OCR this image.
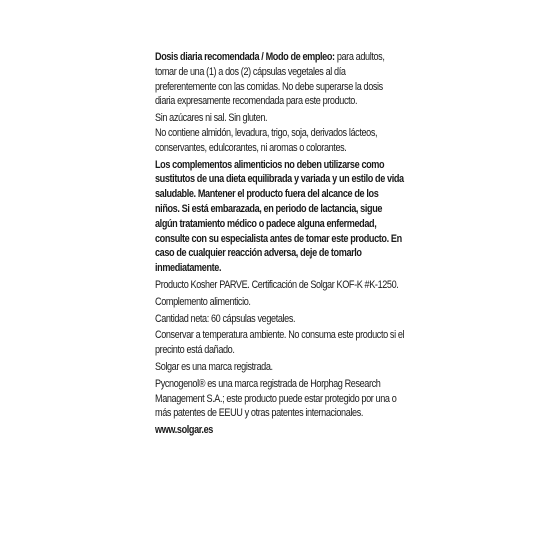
Dosis diaria recomendada / Modo de empleo: para adultos, tomar de una (1) a dos (2) cápsulas vegetales al día preferentemente con las comidas. No debe superarse la dosis diaria expresamente recomendada para este producto.

Sin azúcares ni sal. Sin gluten.

No contiene almidón, levadura, trigo, soja, derivados lácteos, conservantes, edulcorantes, ni aromas o colorantes.

Los complementos alimenticios no deben utilizarse como sustitutos de una dieta equilibrada y variada y un estilo de vida saludable. Mantener el producto fuera del alcance de los niños. Si está embarazada, en periodo de lactancia, sigue algún tratamiento médico o padece alguna enfermedad, consulte con su especialista antes de tomar este producto. En caso de cualquier reacción adversa, deje de tomarlo inmediatamente.

Producto Kosher PARVE. Certificación de Solgar KOF-K #K-1250.

Complemento alimenticio.

Cantidad neta: 60 cápsulas vegetales.

Conservar a temperatura ambiente. No consuma este producto si el precinto está dañado.

Solgar es una marca registrada.

Pycnogenol® es una marca registrada de Horphag Research Management S.A.; este producto puede estar protegido por una o más patentes de EEUU y otras patentes internacionales.

www.solgar.es
